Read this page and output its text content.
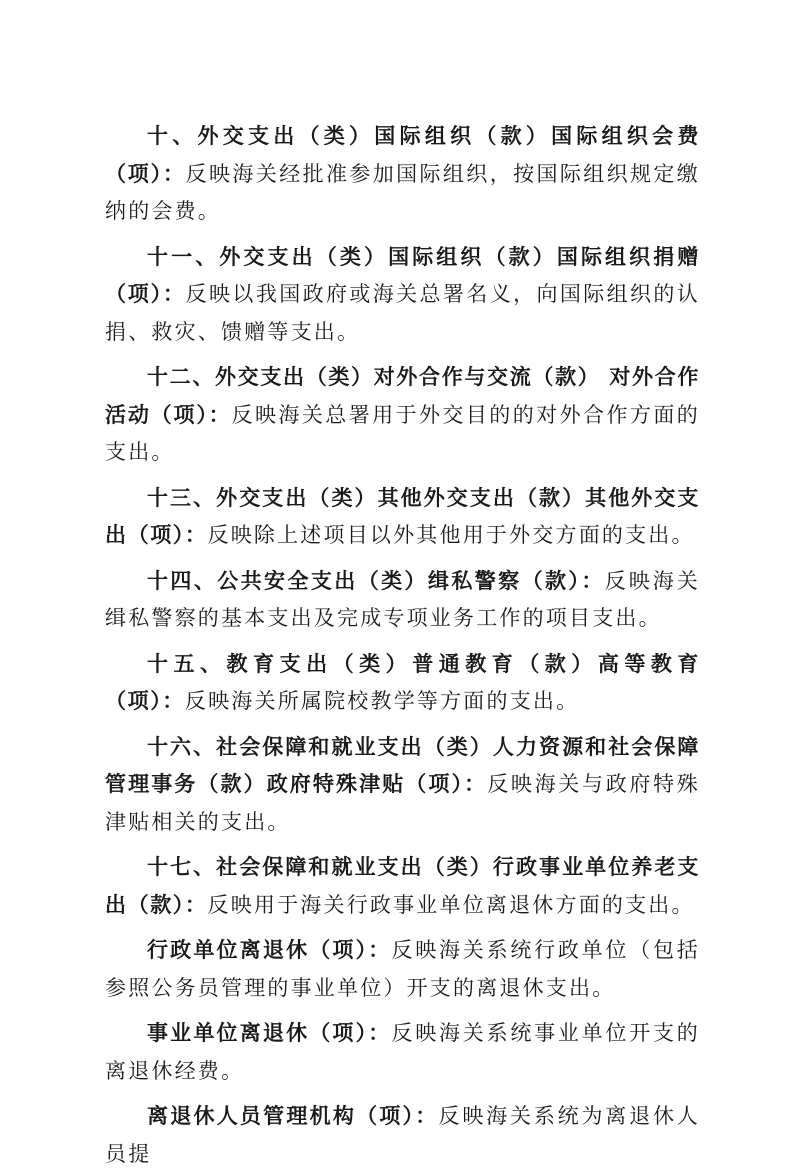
十、外交支出（类）国际组织（款）国际组织会费（项）：反映海关经批准参加国际组织，按国际组织规定缴纳的会费。

十一、外交支出（类）国际组织（款）国际组织捐赠（项）：反映以我国政府或海关总署名义，向国际组织的认捐、救灾、馈赠等支出。

十二、外交支出（类）对外合作与交流（款） 对外合作活动（项）：反映海关总署用于外交目的的对外合作方面的支出。

十三、外交支出（类）其他外交支出（款）其他外交支出（项）：反映除上述项目以外其他用于外交方面的支出。

十四、公共安全支出（类）缉私警察（款）：反映海关缉私警察的基本支出及完成专项业务工作的项目支出。

十五、教育支出（类）普通教育（款）高等教育（项）：反映海关所属院校教学等方面的支出。

十六、社会保障和就业支出（类）人力资源和社会保障管理事务（款）政府特殊津贴（项）：反映海关与政府特殊津贴相关的支出。

十七、社会保障和就业支出（类）行政事业单位养老支出（款）：反映用于海关行政事业单位离退休方面的支出。

行政单位离退休（项）：反映海关系统行政单位（包括参照公务员管理的事业单位）开支的离退休支出。

事业单位离退休（项）：反映海关系统事业单位开支的离退休经费。

离退休人员管理机构（项）：反映海关系统为离退休人员提
